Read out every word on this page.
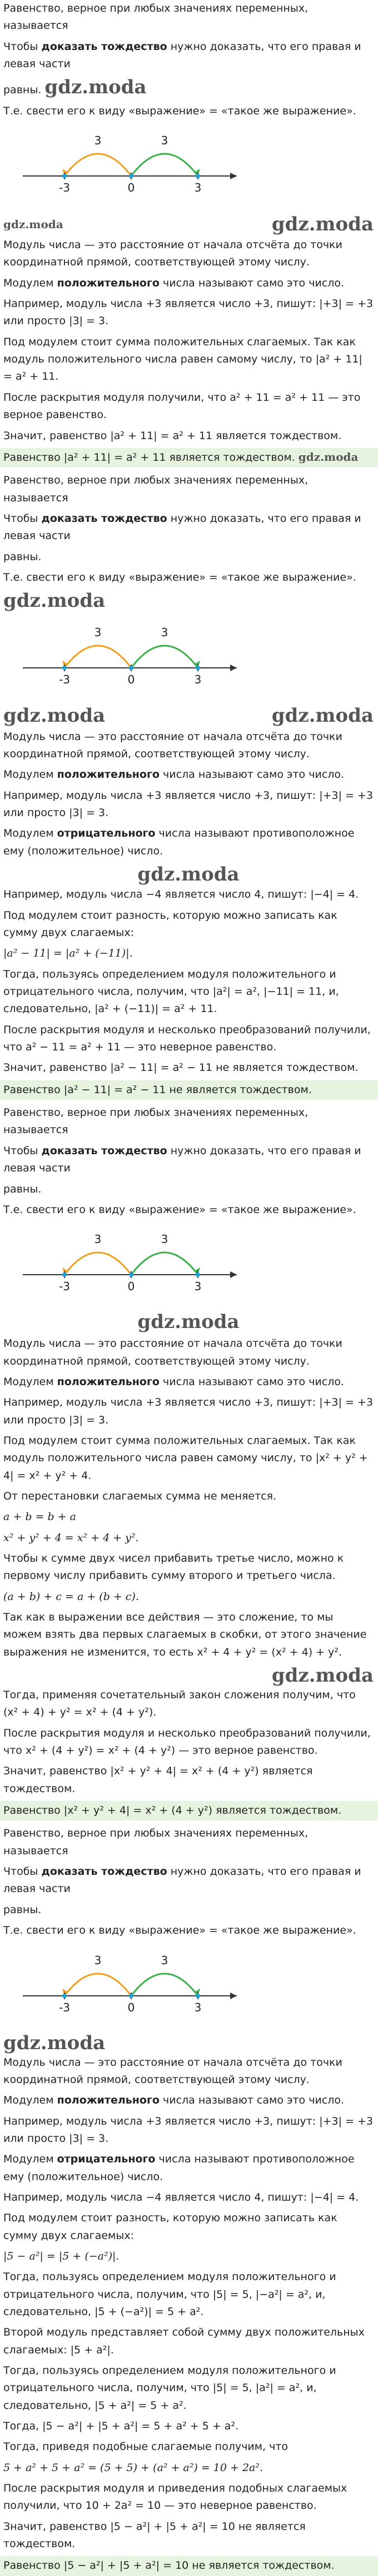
Равенство, верное при любых значениях переменных, называется

Чтобы доказать тождество нужно доказать, что его правая и левая части

равны. gdz.moda

Т.е. свести его к виду «выражение» = «такое же выражение».

3	3
-3	0	3
gdz.moda	gdz.moda

Модуль числа — это расстояние от начала отсчёта до точки координатной прямой, соответствующей этому числу.

Модулем положительного числа называют само это число.

Например, модуль числа +3 является число +3, пишут: |+3| = +3 или просто |3| = 3.

Под модулем стоит сумма положительных слагаемых. Так как модуль положительного числа равен самому числу, то |a² + 11| = a² + 11.

После раскрытия модуля получили, что a² + 11 = a² + 11 — это верное равенство.

Значит, равенство |a² + 11| = a² + 11 является тождеством.

Равенство |a² + 11| = a² + 11 является тождеством. gdz.moda

Равенство, верное при любых значениях переменных, называется

Чтобы доказать тождество нужно доказать, что его правая и левая части

равны.

Т.е. свести его к виду «выражение» = «такое же выражение».

gdz.moda
3	3
-3	0	3
gdz.moda	gdz.moda

Модуль числа — это расстояние от начала отсчёта до точки координатной прямой, соответствующей этому числу.

Модулем положительного числа называют само это число.

Например, модуль числа +3 является число +3, пишут: |+3| = +3 или просто |3| = 3.

Модулем отрицательного числа называют противоположное ему (положительное) число.

gdz.moda

Например, модуль числа −4 является число 4, пишут: |−4| = 4.

Под модулем стоит разность, которую можно записать как сумму двух слагаемых:

|a² − 11| = |a² + (−11)|.

Тогда, пользуясь определением модуля положительного и отрицательного числа, получим, что |a²| = a², |−11| = 11, и, следовательно, |a² + (−11)| = a² + 11.

После раскрытия модуля и несколько преобразований получили, что a² − 11 = a² + 11 — это неверное равенство.

Значит, равенство |a² − 11| = a² − 11 не является тождеством.

Равенство |a² − 11| = a² − 11 не является тождеством.

Равенство, верное при любых значениях переменных, называется

Чтобы доказать тождество нужно доказать, что его правая и левая части

равны.

Т.е. свести его к виду «выражение» = «такое же выражение».

3	3
-3	0	3
gdz.moda

Модуль числа — это расстояние от начала отсчёта до точки координатной прямой, соответствующей этому числу.

Модулем положительного числа называют само это число.

Например, модуль числа +3 является число +3, пишут: |+3| = +3 или просто |3| = 3.

Под модулем стоит сумма положительных слагаемых. Так как модуль положительного числа равен самому числу, то |x² + y² + 4| = x² + y² + 4.

От перестановки слагаемых сумма не меняется.

a + b = b + a

x² + y² + 4 = x² + 4 + y².

Чтобы к сумме двух чисел прибавить третье число, можно к первому числу прибавить сумму второго и третьего числа.

(a + b) + c = a + (b + c).

Так как в выражении все действия — это сложение, то мы можем взять два первых слагаемых в скобки, от этого значение выражения не изменится, то есть x² + 4 + y² = (x² + 4) + y².

gdz.moda

Тогда, применяя сочетательный закон сложения получим, что (x² + 4) + y² = x² + (4 + y²).

После раскрытия модуля и несколько преобразований получили, что x² + (4 + y²) = x² + (4 + y²) — это верное равенство.

Значит, равенство |x² + y² + 4| = x² + (4 + y²) является тождеством.

Равенство |x² + y² + 4| = x² + (4 + y²) является тождеством.

Равенство, верное при любых значениях переменных, называется

Чтобы доказать тождество нужно доказать, что его правая и левая части

равны.

Т.е. свести его к виду «выражение» = «такое же выражение».

3	3
-3	0	3
gdz.moda

Модуль числа — это расстояние от начала отсчёта до точки координатной прямой, соответствующей этому числу.

Модулем положительного числа называют само это число.

Например, модуль числа +3 является число +3, пишут: |+3| = +3 или просто |3| = 3.

Модулем отрицательного числа называют противоположное ему (положительное) число.

Например, модуль числа −4 является число 4, пишут: |−4| = 4.

Под модулем стоит разность, которую можно записать как сумму двух слагаемых:

|5 − a²| = |5 + (−a²)|.

Тогда, пользуясь определением модуля положительного и отрицательного числа, получим, что |5| = 5, |−a²| = a², и, следовательно, |5 + (−a²)| = 5 + a².

Второй модуль представляет собой сумму двух положительных слагаемых: |5 + a²|.

Тогда, пользуясь определением модуля положительного и отрицательного числа, получим, что |5| = 5, |a²| = a², и, следовательно, |5 + a²| = 5 + a².

Тогда, |5 − a²| + |5 + a²| = 5 + a² + 5 + a².

Тогда, приведя подобные слагаемые получим, что

5 + a² + 5 + a² = (5 + 5) + (a² + a²) = 10 + 2a².

После раскрытия модуля и приведения подобных слагаемых получили, что 10 + 2a² = 10 — это неверное равенство.

Значит, равенство |5 − a²| + |5 + a²| = 10 не является тождеством.

Равенство |5 − a²| + |5 + a²| = 10 не является тождеством.
